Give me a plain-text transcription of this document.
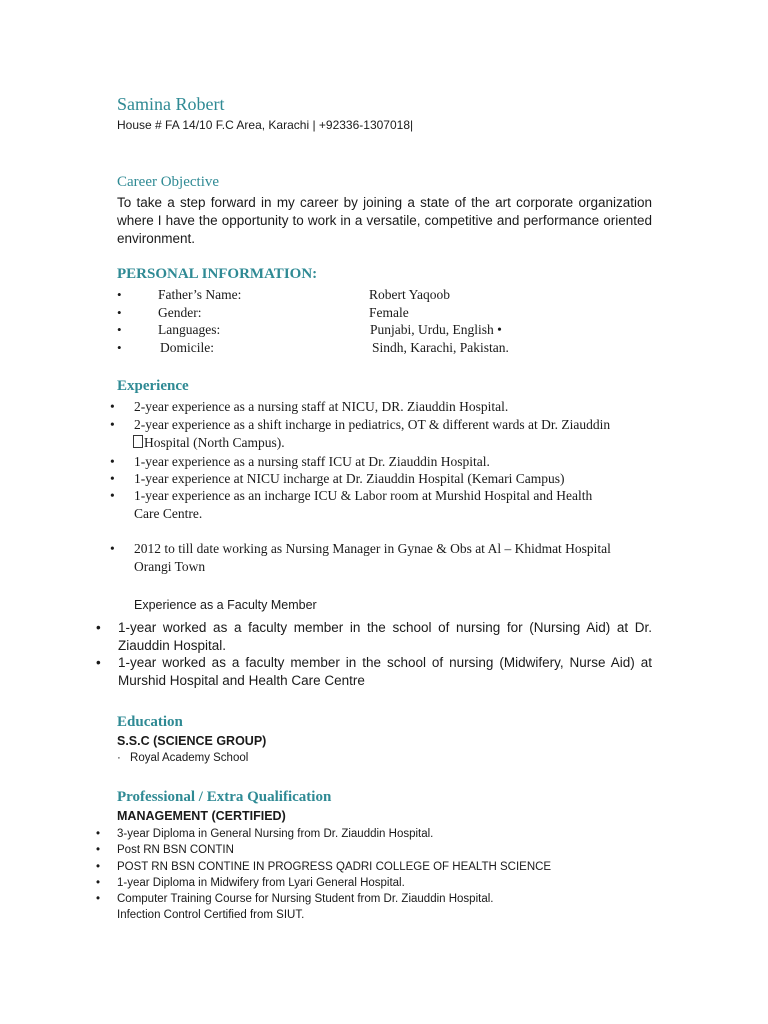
Samina Robert
House # FA 14/10 F.C Area, Karachi | +92336-1307018|
Career Objective
To take a step forward in my career by joining a state of the art corporate organization where I have the opportunity to work in a versatile, competitive and performance oriented environment.
PERSONAL INFORMATION:
•	Father’s Name:	Robert Yaqoob
•	Gender:	Female
•	Languages:	Punjabi, Urdu, English •
•	Domicile:	Sindh, Karachi, Pakistan.
Experience
• 2-year experience as a nursing staff at NICU, DR. Ziauddin Hospital.
• 2-year experience as a shift incharge in pediatrics, OT & different wards at Dr. Ziauddin
Hospital (North Campus).
• 1-year experience as a nursing staff ICU at Dr. Ziauddin Hospital.
• 1-year experience at NICU incharge at Dr. Ziauddin Hospital (Kemari Campus)
• 1-year experience as an incharge ICU & Labor room at Murshid Hospital and Health
Care Centre.
• 2012 to till date working as Nursing Manager in Gynae & Obs at Al – Khidmat Hospital
Orangi Town
Experience as a Faculty Member
• 1-year worked as a faculty member in the school of nursing for (Nursing Aid) at Dr. Ziauddin Hospital.
• 1-year worked as a faculty member in the school of nursing (Midwifery, Nurse Aid) at Murshid Hospital and Health Care Centre
Education
S.S.C (SCIENCE GROUP)
· Royal Academy School
Professional / Extra Qualification
MANAGEMENT (CERTIFIED)
• 3-year Diploma in General Nursing from Dr. Ziauddin Hospital.
• Post RN BSN CONTIN
• POST RN BSN CONTINE IN PROGRESS QADRI COLLEGE OF HEALTH SCIENCE
• 1-year Diploma in Midwifery from Lyari General Hospital.
• Computer Training Course for Nursing Student from Dr. Ziauddin Hospital.
Infection Control Certified from SIUT.
